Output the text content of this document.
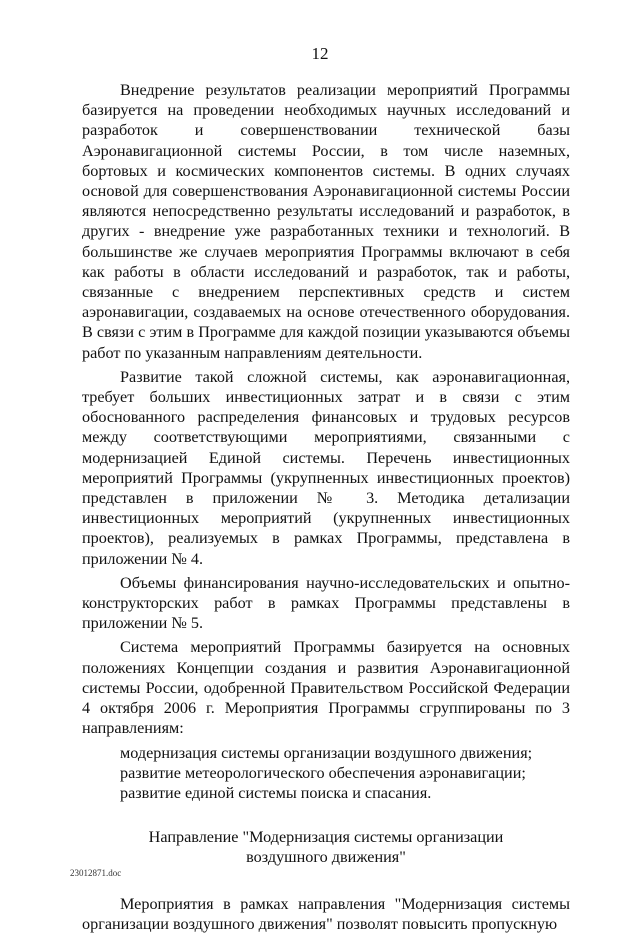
12

Внедрение результатов реализации мероприятий Программы базируется на проведении необходимых научных исследований и разработок и совершенствовании технической базы Аэронавигационной системы России, в том числе наземных, бортовых и космических компонентов системы. В одних случаях основой для совершенствования Аэронавигационной системы России являются непосредственно результаты исследований и разработок, в других - внедрение уже разработанных техники и технологий. В большинстве же случаев мероприятия Программы включают в себя как работы в области исследований и разработок, так и работы, связанные с внедрением перспективных средств и систем аэронавигации, создаваемых на основе отечественного оборудования. В связи с этим в Программе для каждой позиции указываются объемы работ по указанным направлениям деятельности.

Развитие такой сложной системы, как аэронавигационная, требует больших инвестиционных затрат и в связи с этим обоснованного распределения финансовых и трудовых ресурсов между соответствующими мероприятиями, связанными с модернизацией Единой системы. Перечень инвестиционных мероприятий Программы (укрупненных инвестиционных проектов) представлен в приложении № 3. Методика детализации инвестиционных мероприятий (укрупненных инвестиционных проектов), реализуемых в рамках Программы, представлена в приложении № 4.

Объемы финансирования научно-исследовательских и опытно-конструкторских работ в рамках Программы представлены в приложении № 5.

Система мероприятий Программы базируется на основных положениях Концепции создания и развития Аэронавигационной системы России, одобренной Правительством Российской Федерации 4 октября 2006 г. Мероприятия Программы сгруппированы по 3 направлениям:

модернизация системы организации воздушного движения;
развитие метеорологического обеспечения аэронавигации;
развитие единой системы поиска и спасания.
Направление "Модернизация системы организации
воздушного движения"

Мероприятия в рамках направления "Модернизация системы организации воздушного движения" позволят повысить пропускную

23012871.doc
